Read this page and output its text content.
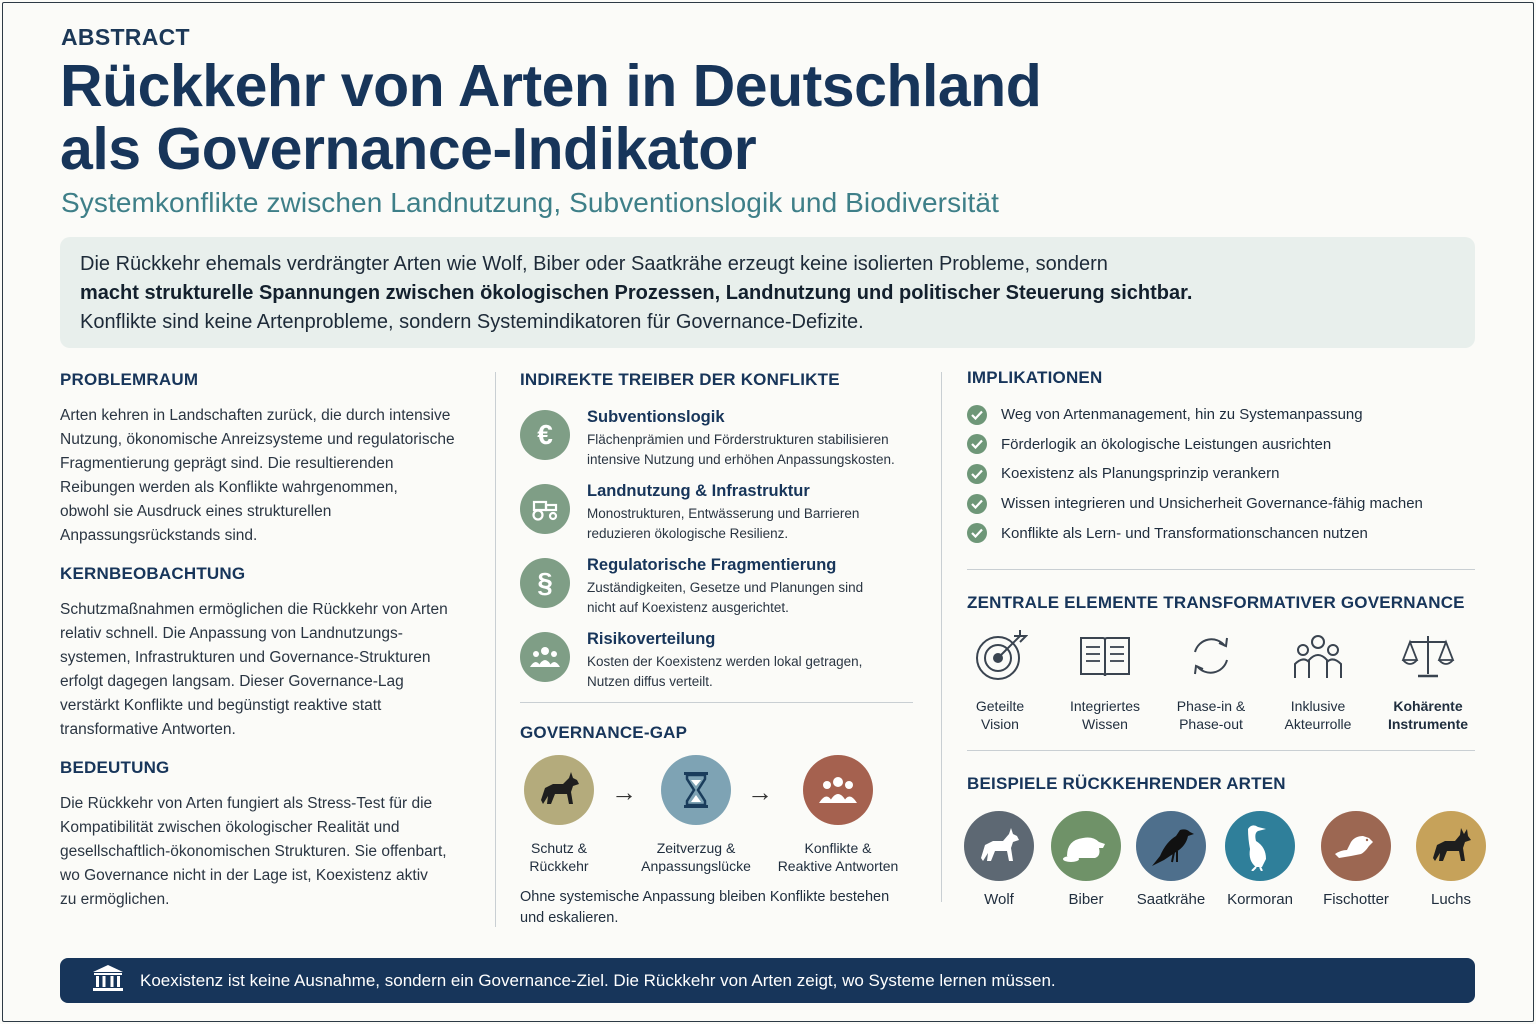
ABSTRACT
Rückkehr von Arten in Deutschland
als Governance-Indikator
Systemkonflikte zwischen Landnutzung, Subventionslogik und Biodiversität

Die Rückkehr ehemals verdrängter Arten wie Wolf, Biber oder Saatkrähe erzeugt keine isolierten Probleme, sondern

macht strukturelle Spannungen zwischen ökologischen Prozessen, Landnutzung und politischer Steuerung sichtbar.

Konflikte sind keine Artenprobleme, sondern Systemindikatoren für Governance-Defizite.

PROBLEMRAUM
Arten kehren in Landschaften zurück, die durch intensive
Nutzung, ökonomische Anreizsysteme und regulatorische
Fragmentierung geprägt sind. Die resultierenden
Reibungen werden als Konflikte wahrgenommen,
obwohl sie Ausdruck eines strukturellen
Anpassungsrückstands sind.
KERNBEOBACHTUNG
Schutzmaßnahmen ermöglichen die Rückkehr von Arten
relativ schnell. Die Anpassung von Landnutzungs-
systemen, Infrastrukturen und Governance-Strukturen
erfolgt dagegen langsam. Dieser Governance-Lag
verstärkt Konflikte und begünstigt reaktive statt
transformative Antworten.
BEDEUTUNG
Die Rückkehr von Arten fungiert als Stress-Test für die
Kompatibilität zwischen ökologischer Realität und
gesellschaftlich-ökonomischen Strukturen. Sie offenbart,
wo Governance nicht in der Lage ist, Koexistenz aktiv
zu ermöglichen.
INDIREKTE TREIBER DER KONFLIKTE
€
Subventionslogik
Flächenprämien und Förderstrukturen stabilisieren
intensive Nutzung und erhöhen Anpassungskosten.
Landnutzung & Infrastruktur
Monostrukturen, Entwässerung und Barrieren
reduzieren ökologische Resilienz.
§
Regulatorische Fragmentierung
Zuständigkeiten, Gesetze und Planungen sind
nicht auf Koexistenz ausgerichtet.
Risikoverteilung
Kosten der Koexistenz werden lokal getragen,
Nutzen diffus verteilt.
GOVERNANCE-GAP
Schutz &
Rückkehr
→
Zeitverzug &
Anpassungslücke
→
Konflikte &
Reaktive Antworten
Ohne systemische Anpassung bleiben Konflikte bestehen
und eskalieren.
IMPLIKATIONEN
Weg von Artenmanagement, hin zu Systemanpassung
Förderlogik an ökologische Leistungen ausrichten
Koexistenz als Planungsprinzip verankern
Wissen integrieren und Unsicherheit Governance-fähig machen
Konflikte als Lern- und Transformationschancen nutzen
ZENTRALE ELEMENTE TRANSFORMATIVER GOVERNANCE
Geteilte
Vision
Integriertes
Wissen
Phase-in &
Phase-out
Inklusive
Akteurrolle
Kohärente
Instrumente
BEISPIELE RÜCKKEHRENDER ARTEN
Wolf	Biber	Saatkrähe	Kormoran	Fischotter	Luchs
Koexistenz ist keine Ausnahme, sondern ein Governance-Ziel. Die Rückkehr von Arten zeigt, wo Systeme lernen müssen.
